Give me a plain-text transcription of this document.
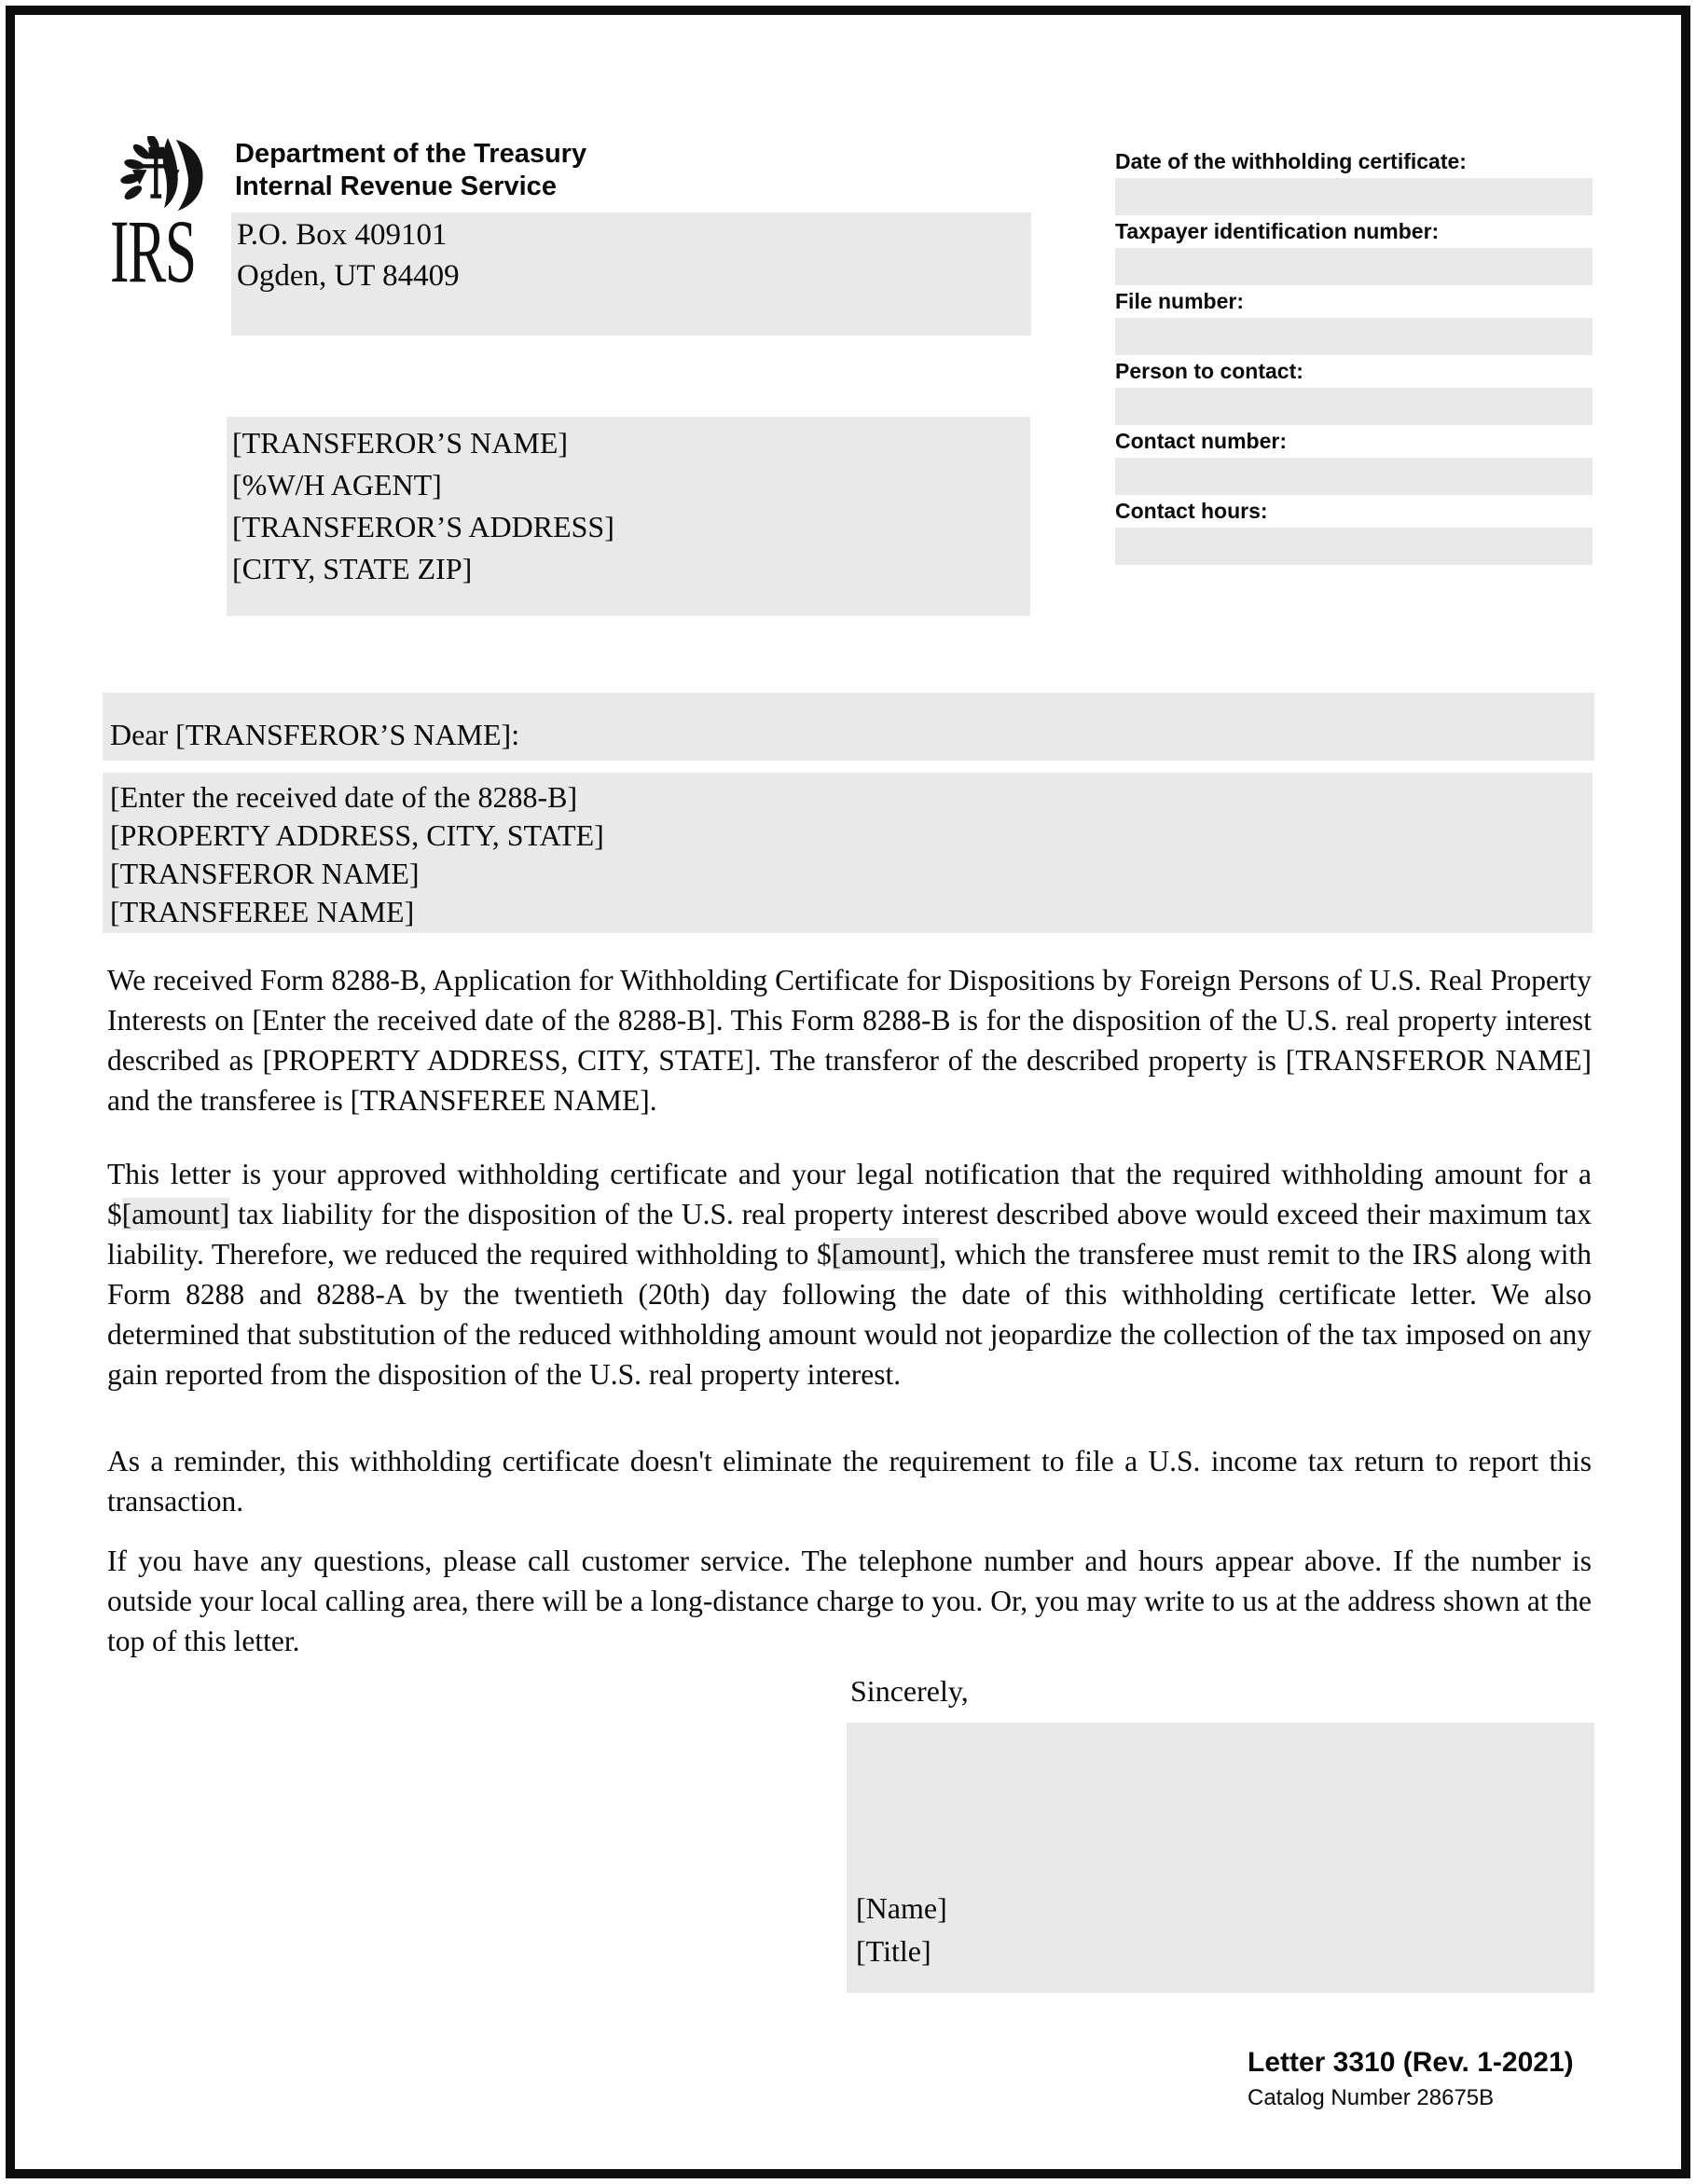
IRS
Department of the Treasury
Internal Revenue Service
P.O. Box 409101
Ogden, UT 84409
Date of the withholding certificate:
Taxpayer identification number:
File number:
Person to contact:
Contact number:
Contact hours:
[TRANSFEROR’S NAME]
[%W/H AGENT]
[TRANSFEROR’S ADDRESS]
[CITY, STATE ZIP]
Dear [TRANSFEROR’S NAME]:
[Enter the received date of the 8288-B]
[PROPERTY ADDRESS, CITY, STATE]
[TRANSFEROR NAME]
[TRANSFEREE NAME]

We received Form 8288-B, Application for Withholding Certificate for Dispositions by Foreign Persons of U.S. Real Property Interests on [Enter the received date of the 8288-B]. This Form 8288-B is for the disposition of the U.S. real property interest described as [PROPERTY ADDRESS, CITY, STATE]. The transferor of the described property is [TRANSFEROR NAME] and the transferee is [TRANSFEREE NAME].

This letter is your approved withholding certificate and your legal notification that the required withholding amount for a $[amount] tax liability for the disposition of the U.S. real property interest described above would exceed their maximum tax liability. Therefore, we reduced the required withholding to $[amount], which the transferee must remit to the IRS along with Form 8288 and 8288-A by the twentieth (20th) day following the date of this withholding certificate letter. We also determined that substitution of the reduced withholding amount would not jeopardize the collection of the tax imposed on any gain reported from the disposition of the U.S. real property interest.

As a reminder, this withholding certificate doesn't eliminate the requirement to file a U.S. income tax return to report this transaction.

If you have any questions, please call customer service. The telephone number and hours appear above. If the number is outside your local calling area, there will be a long-distance charge to you. Or, you may write to us at the address shown at the top of this letter.

Sincerely,
[Name]
[Title]
Letter 3310 (Rev. 1-2021)
Catalog Number 28675B
